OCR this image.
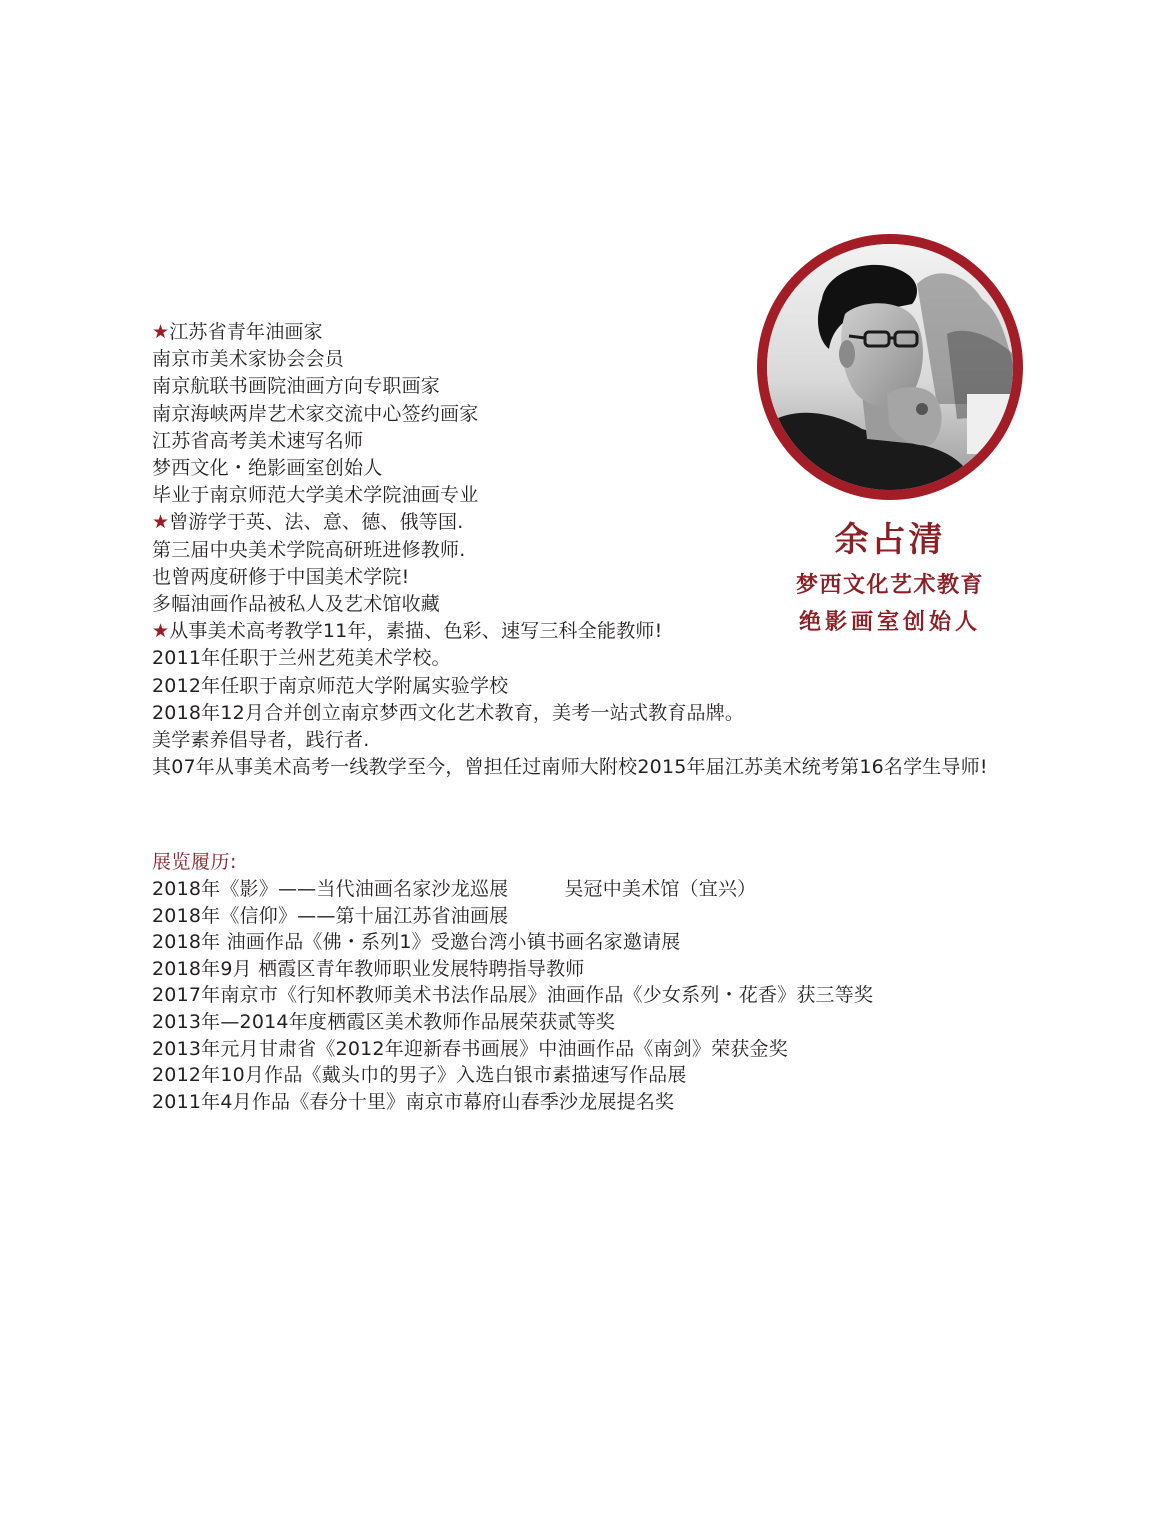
★江苏省青年油画家
南京市美术家协会会员
南京航联书画院油画方向专职画家
南京海峡两岸艺术家交流中心签约画家
江苏省高考美术速写名师
梦西文化・绝影画室创始人
毕业于南京师范大学美术学院油画专业
★曾游学于英、法、意、德、俄等国.
第三届中央美术学院高研班进修教师.
也曾两度研修于中国美术学院!
多幅油画作品被私人及艺术馆收藏
★从事美术高考教学11年，素描、色彩、速写三科全能教师!
2011年任职于兰州艺苑美术学校。
2012年任职于南京师范大学附属实验学校
2018年12月合并创立南京梦西文化艺术教育，美考一站式教育品牌。
美学素养倡导者，践行者.
其07年从事美术高考一线教学至今，曾担任过南师大附校2015年届江苏美术统考第16名学生导师!
展览履历:
2018年《影》——当代油画名家沙龙巡展	吴冠中美术馆（宜兴）
2018年《信仰》——第十届江苏省油画展
2018年 油画作品《佛・系列1》受邀台湾小镇书画名家邀请展
2018年9月 栖霞区青年教师职业发展特聘指导教师
2017年南京市《行知杯教师美术书法作品展》油画作品《少女系列・花香》获三等奖
2013年—2014年度栖霞区美术教师作品展荣获贰等奖
2013年元月甘肃省《2012年迎新春书画展》中油画作品《南剑》荣获金奖
2012年10月作品《戴头巾的男子》入选白银市素描速写作品展
2011年4月作品《春分十里》南京市幕府山春季沙龙展提名奖
余占清
梦西文化艺术教育
绝影画室创始人
